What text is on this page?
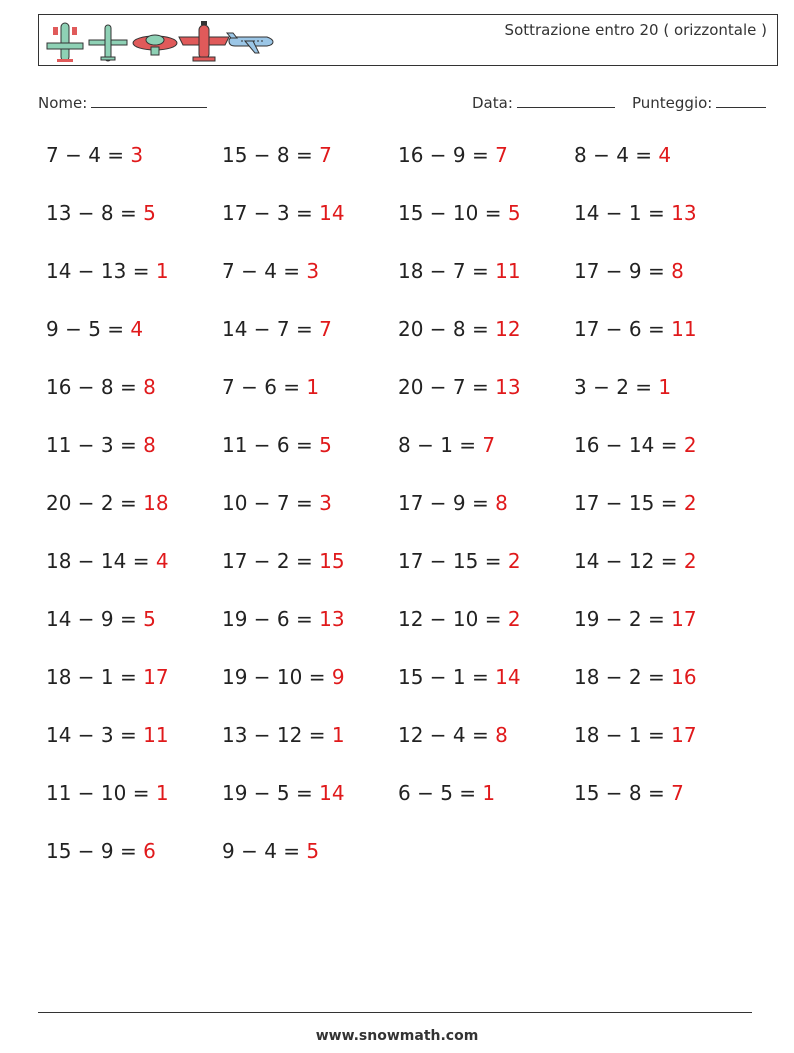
Sottrazione entro 20 ( orizzontale )
Nome:	Data:	Punteggio:
7 − 4 = 3	15 − 8 = 7	16 − 9 = 7	8 − 4 = 4
13 − 8 = 5	17 − 3 = 14	15 − 10 = 5	14 − 1 = 13
14 − 13 = 1	7 − 4 = 3	18 − 7 = 11	17 − 9 = 8
9 − 5 = 4	14 − 7 = 7	20 − 8 = 12	17 − 6 = 11
16 − 8 = 8	7 − 6 = 1	20 − 7 = 13	3 − 2 = 1
11 − 3 = 8	11 − 6 = 5	8 − 1 = 7	16 − 14 = 2
20 − 2 = 18	10 − 7 = 3	17 − 9 = 8	17 − 15 = 2
18 − 14 = 4	17 − 2 = 15	17 − 15 = 2	14 − 12 = 2
14 − 9 = 5	19 − 6 = 13	12 − 10 = 2	19 − 2 = 17
18 − 1 = 17	19 − 10 = 9	15 − 1 = 14	18 − 2 = 16
14 − 3 = 11	13 − 12 = 1	12 − 4 = 8	18 − 1 = 17
11 − 10 = 1	19 − 5 = 14	6 − 5 = 1	15 − 8 = 7
15 − 9 = 6	9 − 4 = 5
www.snowmath.com
